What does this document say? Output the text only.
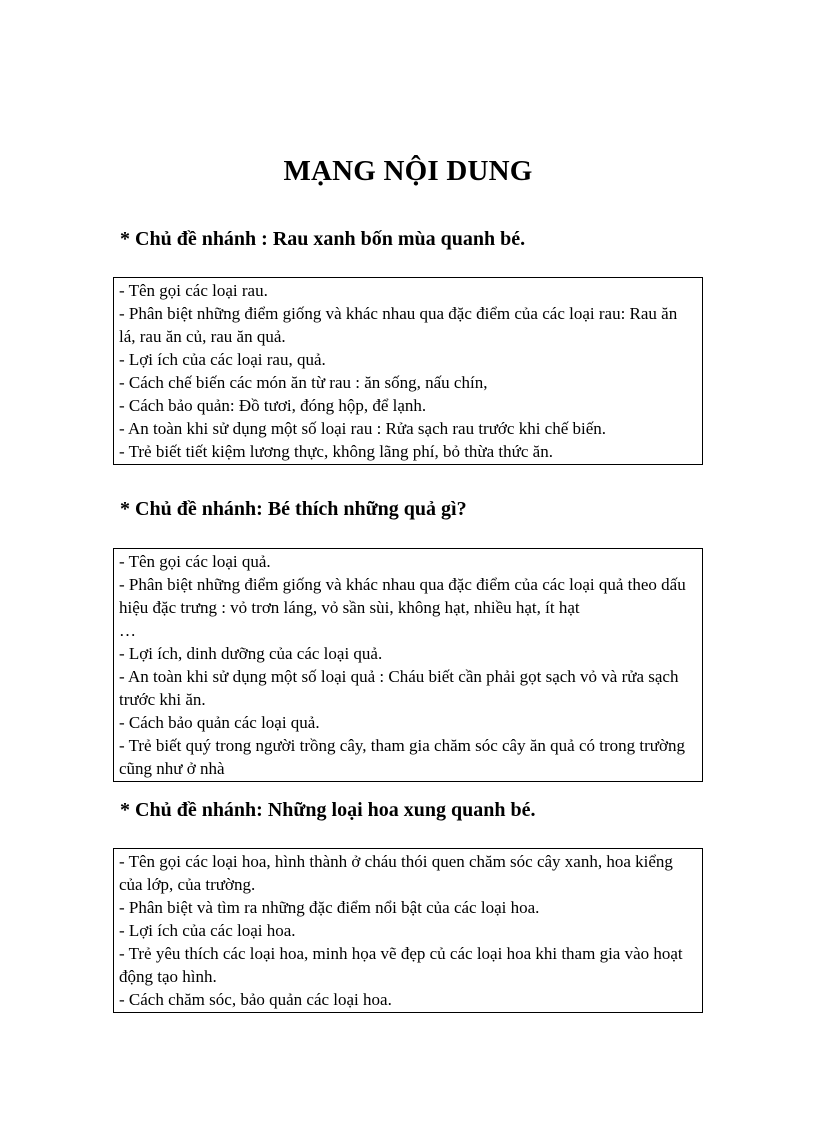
MẠNG NỘI DUNG
* Chủ đề nhánh : Rau xanh bốn mùa quanh bé.
- Tên gọi các loại rau.
- Phân biệt những điểm giống và khác nhau qua đặc điểm của các loại rau: Rau ăn lá, rau ăn củ, rau ăn quả.
- Lợi ích của các loại rau, quả.
- Cách chế biến các món ăn từ rau : ăn sống, nấu chín,
- Cách bảo quản: Đồ tươi, đóng hộp, để lạnh.
- An toàn khi sử dụng một số loại rau : Rửa sạch rau trước khi chế biến.
- Trẻ biết tiết kiệm lương thực, không lãng phí, bỏ thừa thức ăn.
* Chủ đề nhánh: Bé thích những quả gì?
- Tên gọi các loại quả.
- Phân biệt những điểm giống và khác nhau qua đặc điểm của các loại quả theo dấu hiệu đặc trưng : vỏ trơn láng, vỏ sần sùi, không hạt, nhiều hạt, ít hạt
…
- Lợi ích, dinh dưỡng của các loại quả.
- An toàn khi sử dụng một số loại quả : Cháu biết cần phải gọt sạch vỏ và rửa sạch trước khi ăn.
- Cách bảo quản các loại quả.
- Trẻ biết quý trong người trồng cây, tham gia chăm sóc cây ăn quả có trong trường cũng như ở nhà
* Chủ đề nhánh: Những loại hoa xung quanh bé.
- Tên gọi các loại hoa, hình thành ở cháu thói quen chăm sóc cây xanh, hoa kiểng của lớp, của trường.
- Phân biệt và tìm ra những đặc điểm nổi bật của các loại hoa.
- Lợi ích của các loại hoa.
- Trẻ yêu thích các loại hoa, minh họa vẽ đẹp củ các loại hoa khi tham gia vào hoạt động tạo hình.
- Cách chăm sóc, bảo quản các loại hoa.
